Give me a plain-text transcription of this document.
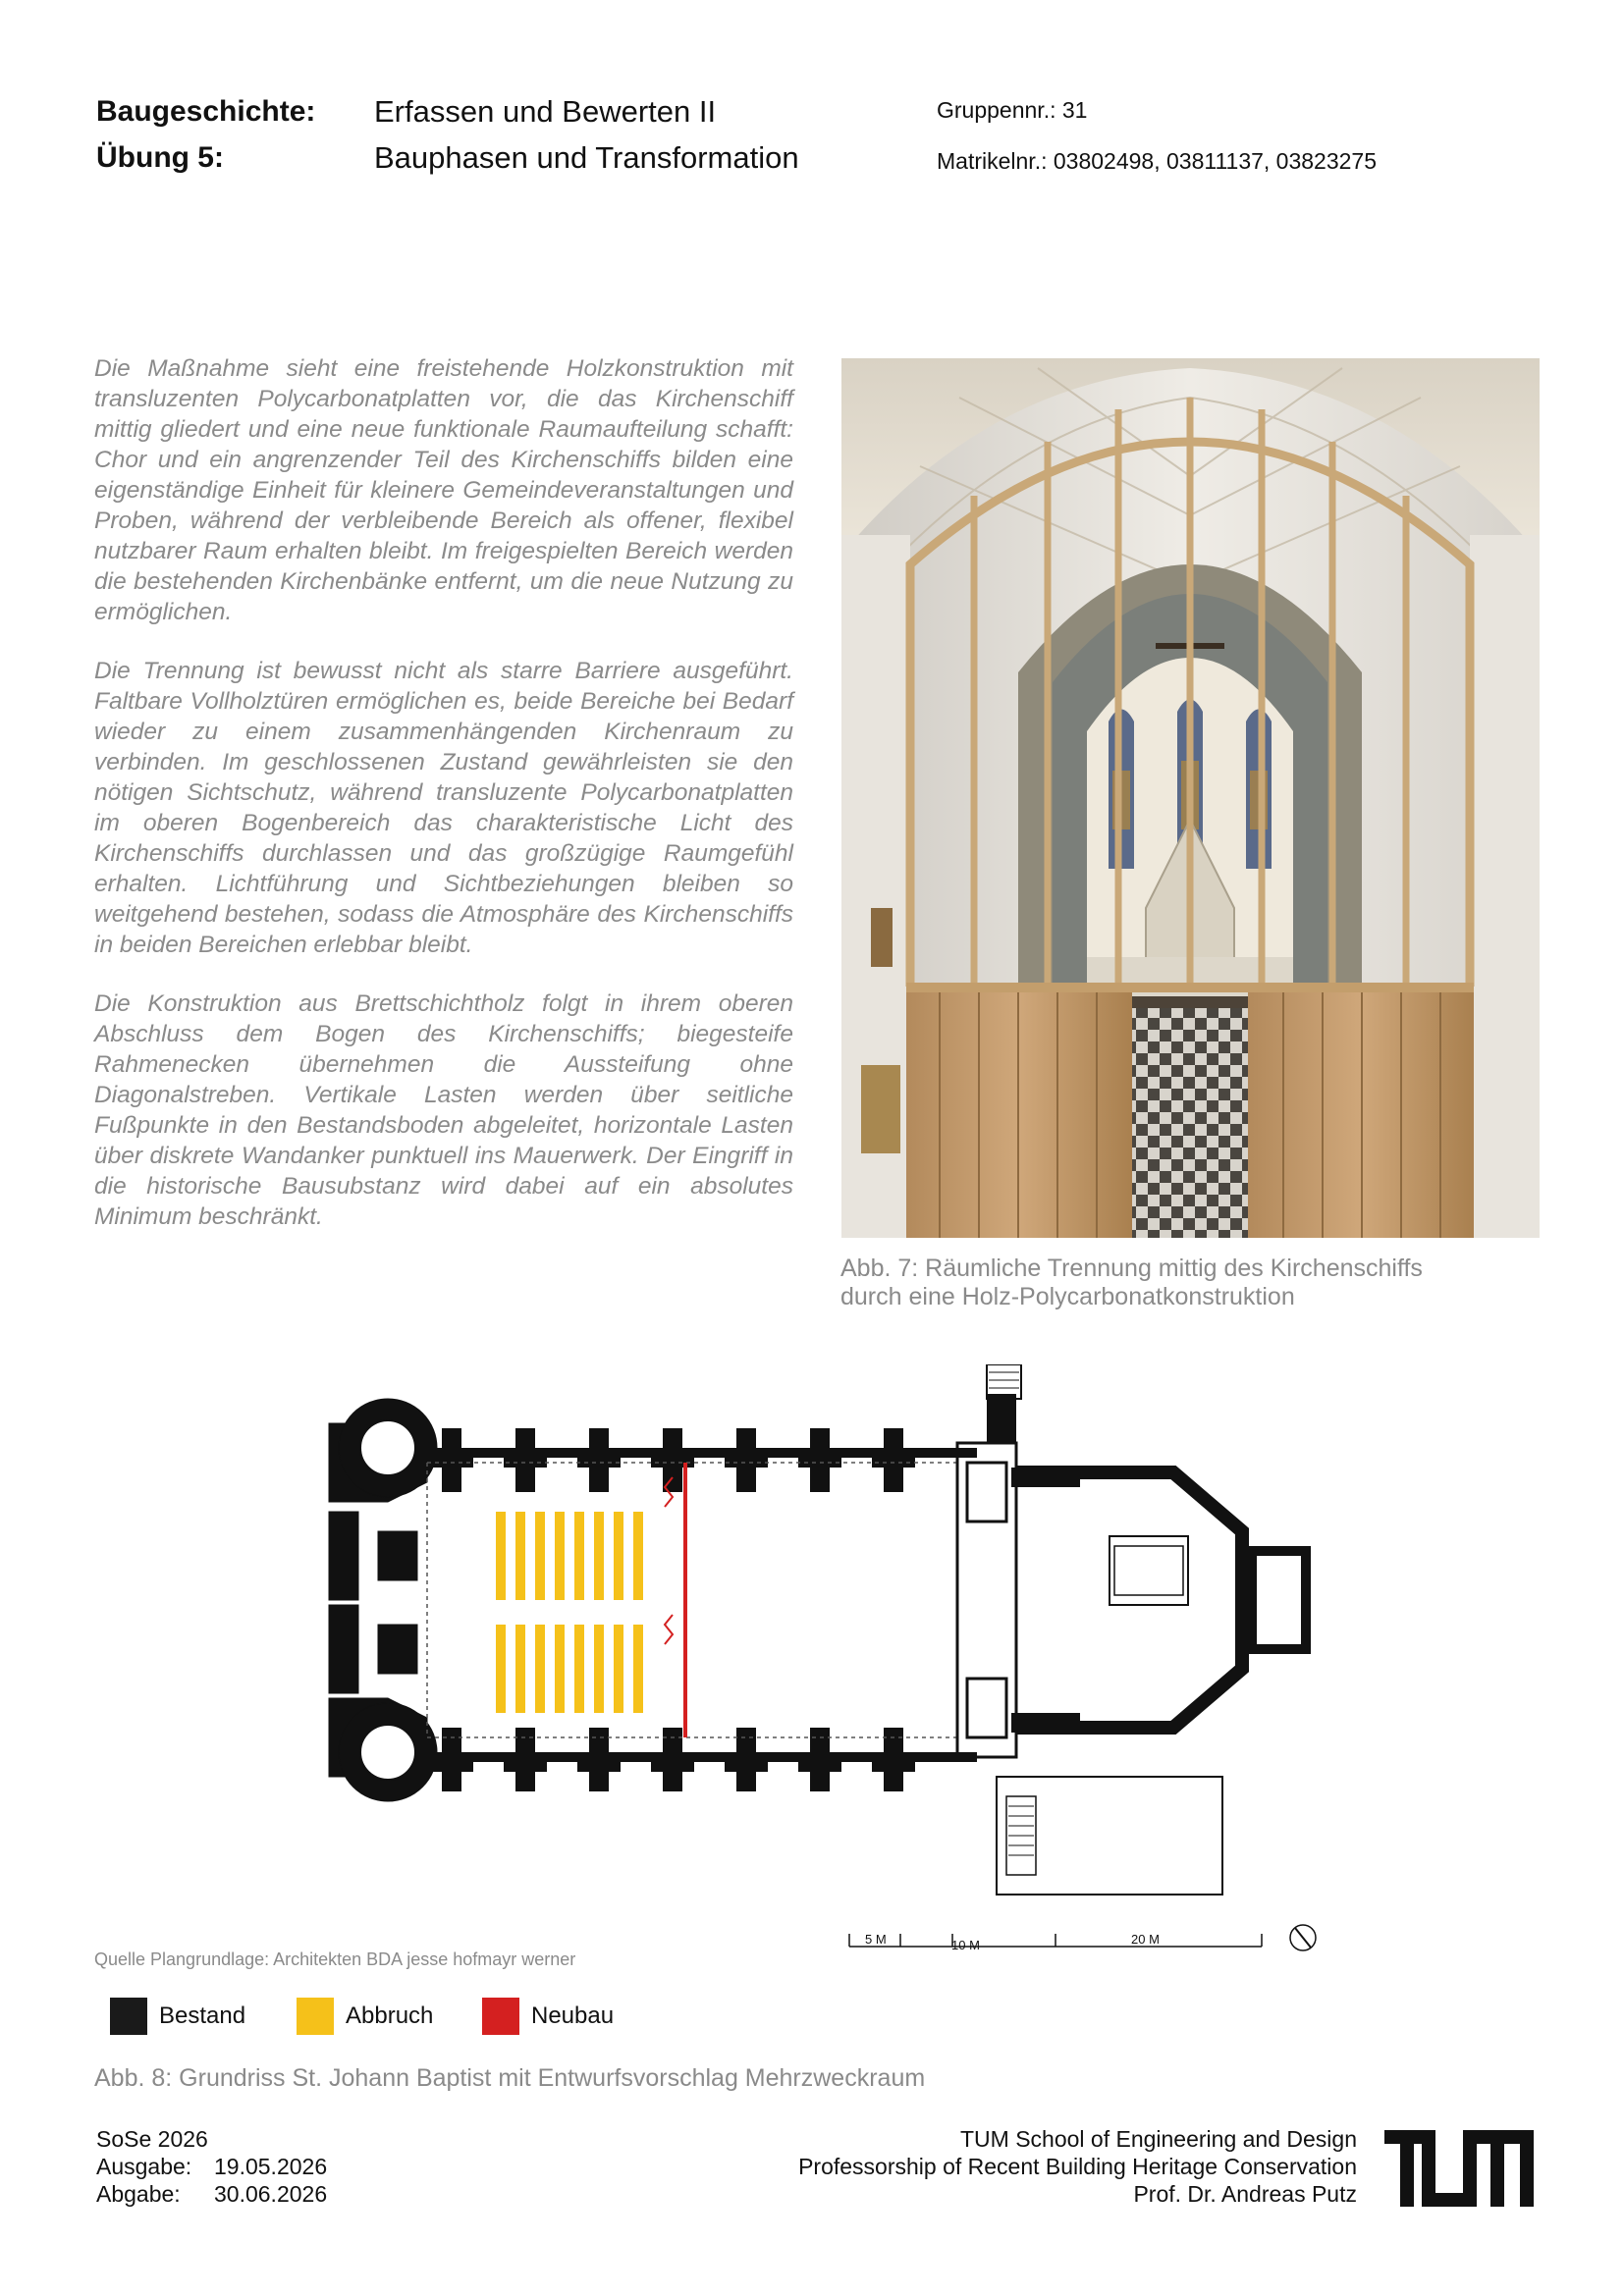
Baugeschichte: Erfassen und Bewerten II
Übung 5:	Bauphasen und Transformation
Gruppennr.: 31
Matrikelnr.: 03802498, 03811137, 03823275

Die Maßnahme sieht eine freistehende Holzkonstruktion mit transluzenten Polycarbonatplatten vor, die das Kirchenschiff mittig gliedert und eine neue funktionale Raumaufteilung schafft: Chor und ein angrenzender Teil des Kirchenschiffs bilden eine eigenständige Einheit für kleinere Gemeindeveranstaltungen und Proben, während der verbleibende Bereich als offener, flexibel nutzbarer Raum erhalten bleibt. Im freigespielten Bereich werden die bestehenden Kirchenbänke entfernt, um die neue Nutzung zu ermöglichen.

Die Trennung ist bewusst nicht als starre Barriere ausgeführt. Faltbare Vollholztüren ermöglichen es, beide Bereiche bei Bedarf wieder zu einem zusammenhängenden Kirchenraum zu verbinden. Im geschlossenen Zustand gewährleisten sie den nötigen Sichtschutz, während transluzente Polycarbonatplatten im oberen Bogenbereich das charakteristische Licht des Kirchenschiffs durchlassen und das großzügige Raumgefühl erhalten. Lichtführung und Sichtbeziehungen bleiben so weitgehend bestehen, sodass die Atmosphäre des Kirchenschiffs in beiden Bereichen erlebbar bleibt.

Die Konstruktion aus Brettschichtholz folgt in ihrem oberen Abschluss dem Bogen des Kirchenschiffs; biegesteife Rahmenecken übernehmen die Aussteifung ohne Diagonalstreben. Vertikale Lasten werden über seitliche Fußpunkte in den Bestandsboden abgeleitet, horizontale Lasten über diskrete Wandanker punktuell ins Mauerwerk. Der Eingriff in die historische Bausubstanz wird dabei auf ein absolutes Minimum beschränkt.

Abb. 7: Räumliche Trennung mittig des Kirchenschiffs
durch eine Holz-Polycarbonatkonstruktion
5 M	10 M	20 M
Quelle Plangrundlage: Architekten BDA jesse hofmayr werner
Bestand	Abbruch	Neubau
Abb. 8: Grundriss St. Johann Baptist mit Entwurfsvorschlag Mehrzweckraum
SoSe 2026
Ausgabe: 19.05.2026
Abgabe: 30.06.2026
TUM School of Engineering and Design
Professorship of Recent Building Heritage Conservation
Prof. Dr. Andreas Putz
